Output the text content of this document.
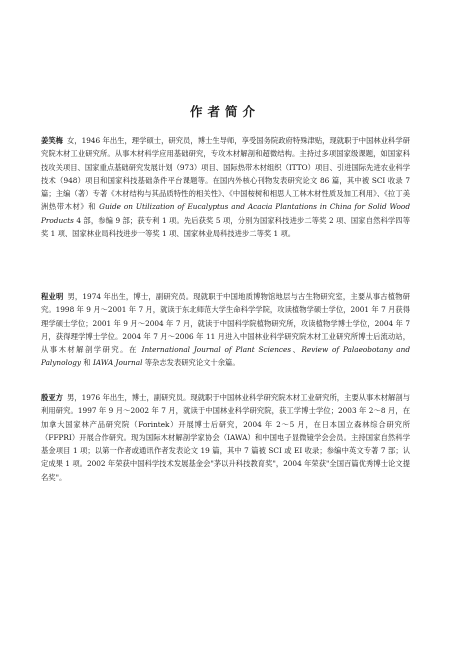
作者简介

姜笑梅 女，1946 年出生，理学硕士，研究员，博士生导师，享受国务院政府特殊津贴，现就职于中国林业科学研究院木材工业研究所。从事木材科学应用基础研究，专攻木材解剖和超微结构。主持过多项国家级课题，如国家科技攻关项目、国家重点基础研究发展计划（973）项目、国际热带木材组织（ITTO）项目、引进国际先进农业科学技术（948）项目和国家科技基础条件平台课题等。在国内外核心刊物发表研究论文 86 篇，其中被 SCI 收录 7 篇；主编（著）专著《木材结构与其品质特性的相关性》、《中国桉树和相思人工林木材性质及加工利用》、《拉丁美洲热带木材》和 Guide on Utilization of Eucalyptus and Acacia Plantations in China for Solid Wood Products 4 部，参编 9 部；获专利 1 项。先后获奖 5 项，分别为国家科技进步二等奖 2 项、国家自然科学四等奖 1 项、国家林业局科技进步一等奖 1 项、国家林业局科技进步二等奖 1 项。

程业明 男，1974 年出生，博士，副研究员。现就职于中国地质博物馆地层与古生物研究室，主要从事古植物研究。1998 年 9 月～2001 年 7 月，就读于东北师范大学生命科学学院，攻读植物学硕士学位，2001 年 7 月获得理学硕士学位；2001 年 9 月～2004 年 7 月，就读于中国科学院植物研究所，攻读植物学博士学位，2004 年 7 月，获得理学博士学位。2004 年 7 月～2006 年 11 月进入中国林业科学研究院木材工业研究所博士后流动站，从事木材解剖学研究。在 International Journal of Plant Sciences、Review of Palaeobotany and Palynology 和 IAWA Journal 等杂志发表研究论文十余篇。

殷亚方 男，1976 年出生，博士，副研究员。现就职于中国林业科学研究院木材工业研究所，主要从事木材解剖与利用研究。1997 年 9 月～2002 年 7 月，就读于中国林业科学研究院，获工学博士学位；2003 年 2～8 月，在加拿大国家林产品研究院（Forintek）开展博士后研究，2004 年 2～5 月，在日本国立森林综合研究所（FFPRI）开展合作研究。现为国际木材解剖学家协会（IAWA）和中国电子显微镜学会会员。主持国家自然科学基金项目 1 项；以第一作者或通讯作者发表论文 19 篇，其中 7 篇被 SCI 或 EI 收录；参编中英文专著 7 部；认定成果 1 项。2002 年荣获中国科学技术发展基金会"茅以升科技教育奖"，2004 年荣获"全国百篇优秀博士论文提名奖"。
